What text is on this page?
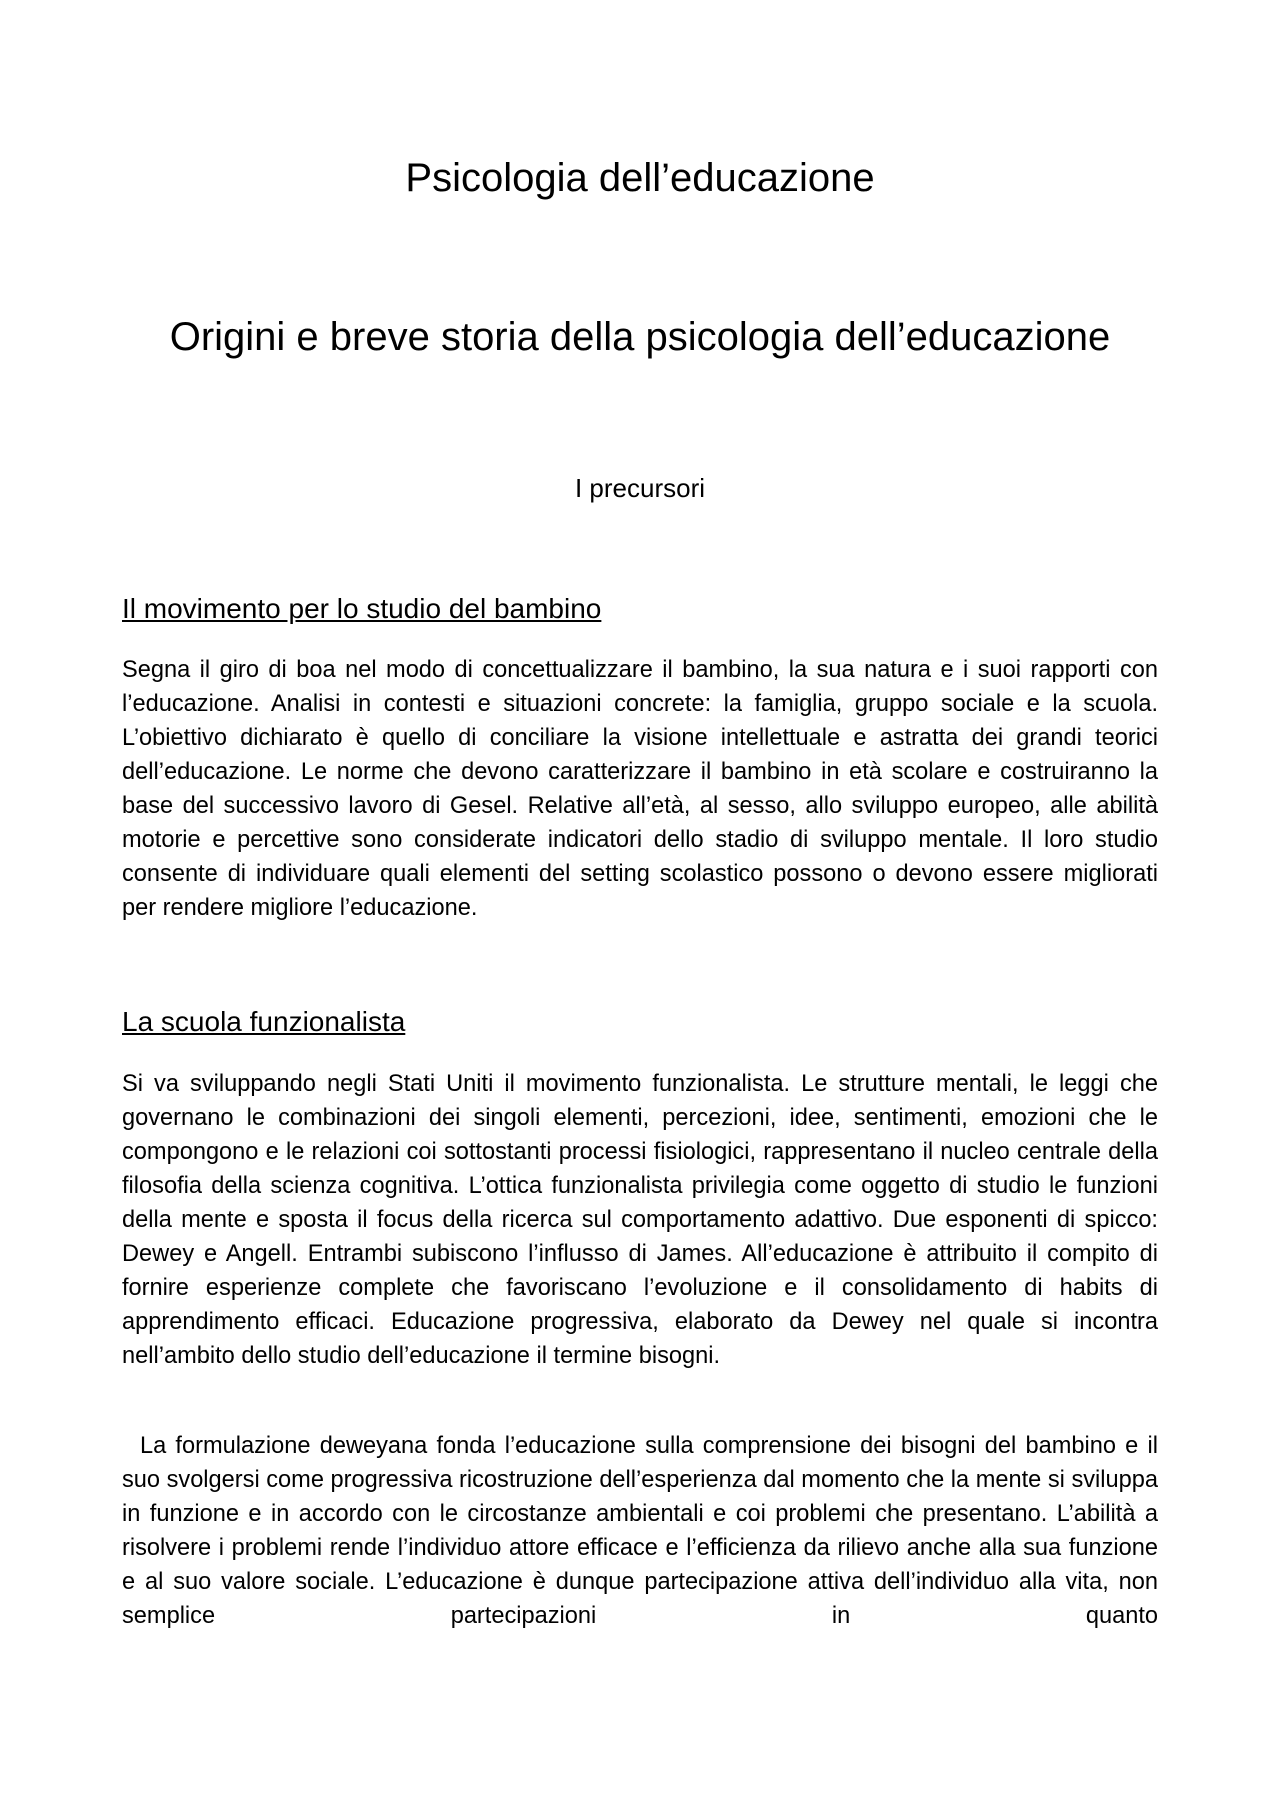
Psicologia dell’educazione
Origini e breve storia della psicologia dell’educazione
I precursori
Il movimento per lo studio del bambino

Segna il giro di boa nel modo di concettualizzare il bambino, la sua natura e i suoi rapporti con l’educazione. Analisi in contesti e situazioni concrete: la famiglia, gruppo sociale e la scuola. L’obiettivo dichiarato è quello di conciliare la visione intellettuale e astratta dei grandi teorici dell’educazione. Le norme che devono caratterizzare il bambino in età scolare e costruiranno la base del successivo lavoro di Gesel. Relative all’età, al sesso, allo sviluppo europeo, alle abilità motorie e percettive sono considerate indicatori dello stadio di sviluppo mentale. Il loro studio consente di individuare quali elementi del setting scolastico possono o devono essere migliorati per rendere migliore l’educazione.

La scuola funzionalista

Si va sviluppando negli Stati Uniti il movimento funzionalista. Le strutture mentali, le leggi che governano le combinazioni dei singoli elementi, percezioni, idee, sentimenti, emozioni che le compongono e le relazioni coi sottostanti processi fisiologici, rappresentano il nucleo centrale della filosofia della scienza cognitiva. L’ottica funzionalista privilegia come oggetto di studio le funzioni della mente e sposta il focus della ricerca sul comportamento adattivo. Due esponenti di spicco: Dewey e Angell. Entrambi subiscono l’influsso di James. All’educazione è attribuito il compito di fornire esperienze complete che favoriscano l’evoluzione e il consolidamento di habits di apprendimento efficaci. Educazione progressiva, elaborato da Dewey nel quale si incontra nell’ambito dello studio dell’educazione il termine bisogni.

La formulazione deweyana fonda l’educazione sulla comprensione dei bisogni del bambino e il suo svolgersi come progressiva ricostruzione dell’esperienza dal momento che la mente si sviluppa in funzione e in accordo con le circostanze ambientali e coi problemi che presentano. L’abilità a risolvere i problemi rende l’individuo attore efficace e l’efficienza da rilievo anche alla sua funzione e al suo valore sociale. L’educazione è dunque partecipazione attiva dell’individuo alla vita, non semplice partecipazioni in quanto
